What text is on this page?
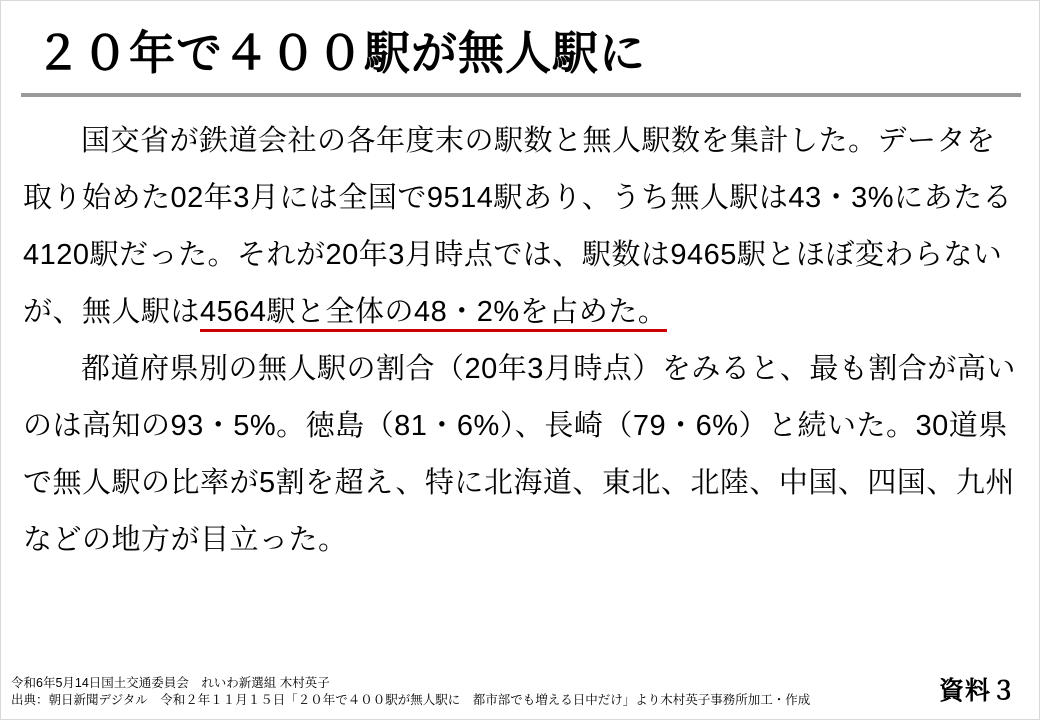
２０年で４００駅が無人駅に

国交省が鉄道会社の各年度末の駅数と無人駅数を集計した。データを取り始めた02年3月には全国で9514駅あり、うち無人駅は43・3%にあたる4120駅だった。それが20年3月時点では、駅数は9465駅とほぼ変わらないが、無人駅は4564駅と全体の48・2%を占めた。

都道府県別の無人駅の割合（20年3月時点）をみると、最も割合が高いのは高知の93・5%。徳島（81・6%）、長崎（79・6%）と続いた。30道県で無人駅の比率が5割を超え、特に北海道、東北、北陸、中国、四国、九州などの地方が目立った。

令和6年5月14日国土交通委員会　れいわ新選組 木村英子
出典：朝日新聞デジタル　令和２年１１月１５日「２０年で４００駅が無人駅に　都市部でも増える日中だけ」より木村英子事務所加工・作成	資料３
